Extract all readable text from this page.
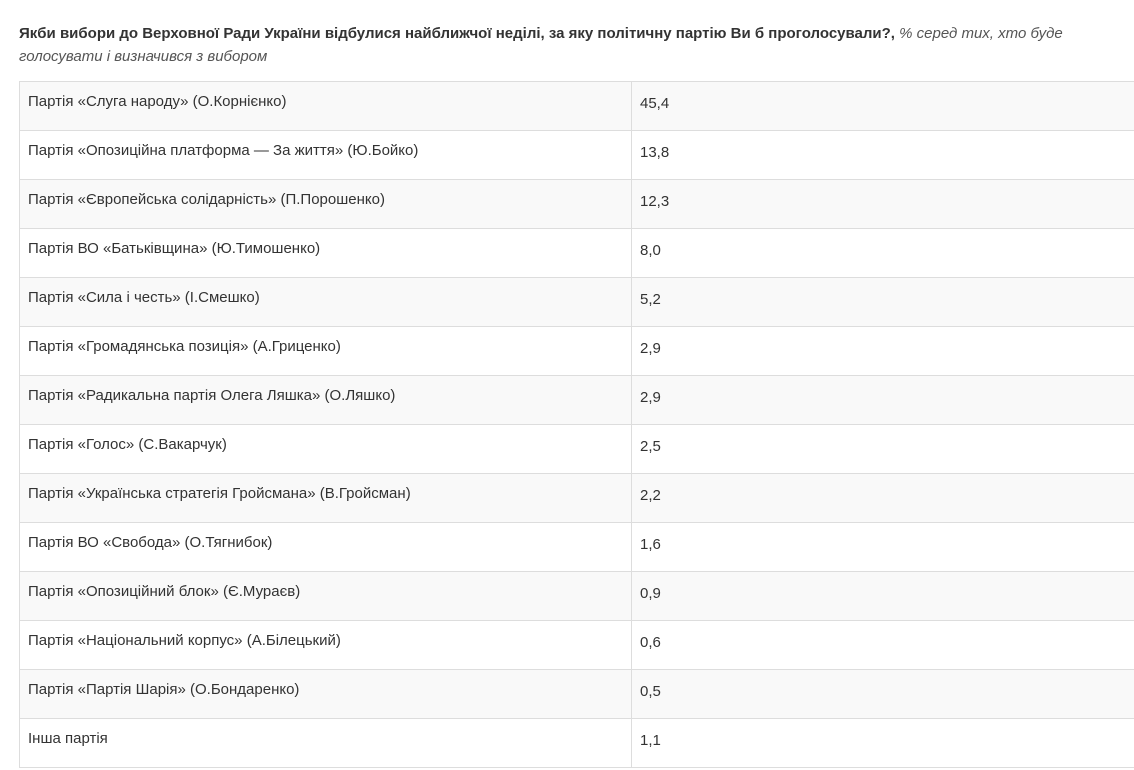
Якби вибори до Верховної Ради України відбулися найближчої неділі, за яку політичну партію Ви б проголосували?, % серед тих, хто буде голосувати і визначився з вибором
Партія «Слуга народу» (О.Корнієнко)	45,4
Партія «Опозиційна платформа — За життя» (Ю.Бойко)	13,8
Партія «Європейська солідарність» (П.Порошенко)	12,3
Партія ВО «Батьківщина» (Ю.Тимошенко)	8,0
Партія «Сила і честь» (І.Смешко)	5,2
Партія «Громадянська позиція» (А.Гриценко)	2,9
Партія «Радикальна партія Олега Ляшка» (О.Ляшко)	2,9
Партія «Голос» (С.Вакарчук)	2,5
Партія «Українська стратегія Гройсмана» (В.Гройсман)	2,2
Партія ВО «Свобода» (О.Тягнибок)	1,6
Партія «Опозиційний блок» (Є.Мураєв)	0,9
Партія «Національний корпус» (А.Білецький)	0,6
Партія «Партія Шарія» (О.Бондаренко)	0,5
Інша партія	1,1
